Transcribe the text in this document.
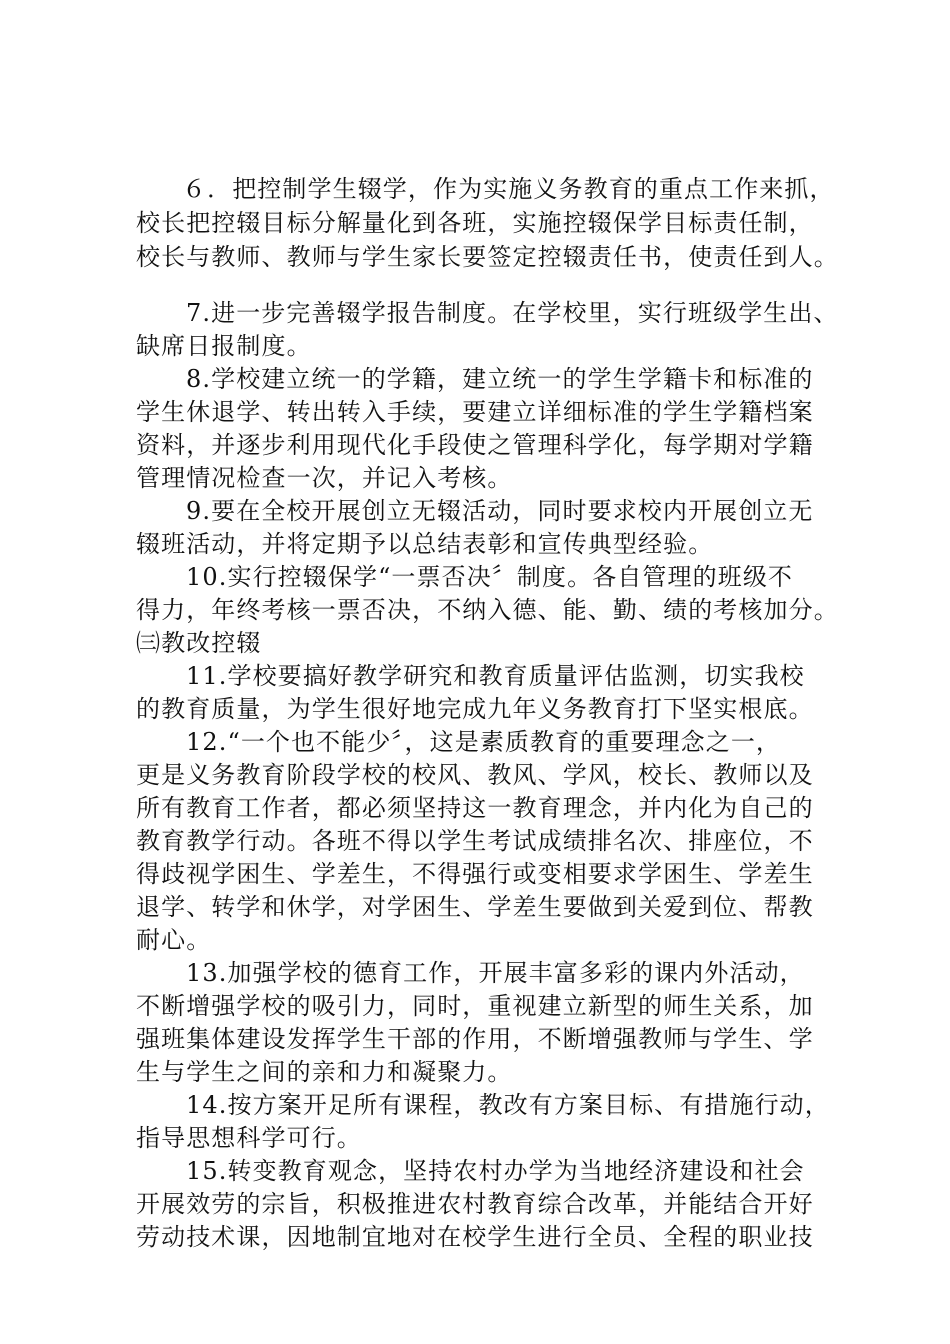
６．把控制学生辍学，作为实施义务教育的重点工作来抓，
校长把控辍目标分解量化到各班，实施控辍保学目标责任制，
校长与教师、教师与学生家长要签定控辍责任书，使责任到人。
7.进一步完善辍学报告制度。在学校里，实行班级学生出、
缺席日报制度。
8.学校建立统一的学籍，建立统一的学生学籍卡和标准的
学生休退学、转出转入手续，要建立详细标准的学生学籍档案
资料，并逐步利用现代化手段使之管理科学化，每学期对学籍
管理情况检查一次，并记入考核。
9.要在全校开展创立无辍活动，同时要求校内开展创立无
辍班活动，并将定期予以总结表彰和宣传典型经验。
10.实行控辍保学“一票否决〞制度。各自管理的班级不
得力，年终考核一票否决，不纳入德、能、勤、绩的考核加分。
㈢教改控辍
11.学校要搞好教学研究和教育质量评估监测，切实我校
的教育质量，为学生很好地完成九年义务教育打下坚实根底。
12.“一个也不能少〞，这是素质教育的重要理念之一，
更是义务教育阶段学校的校风、教风、学风，校长、教师以及
所有教育工作者，都必须坚持这一教育理念，并内化为自己的
教育教学行动。各班不得以学生考试成绩排名次、排座位，不
得歧视学困生、学差生，不得强行或变相要求学困生、学差生
退学、转学和休学，对学困生、学差生要做到关爱到位、帮教
耐心。
13.加强学校的德育工作，开展丰富多彩的课内外活动，
不断增强学校的吸引力，同时，重视建立新型的师生关系，加
强班集体建设发挥学生干部的作用，不断增强教师与学生、学
生与学生之间的亲和力和凝聚力。
14.按方案开足所有课程，教改有方案目标、有措施行动，
指导思想科学可行。
15.转变教育观念，坚持农村办学为当地经济建设和社会
开展效劳的宗旨，积极推进农村教育综合改革，并能结合开好
劳动技术课，因地制宜地对在校学生进行全员、全程的职业技
